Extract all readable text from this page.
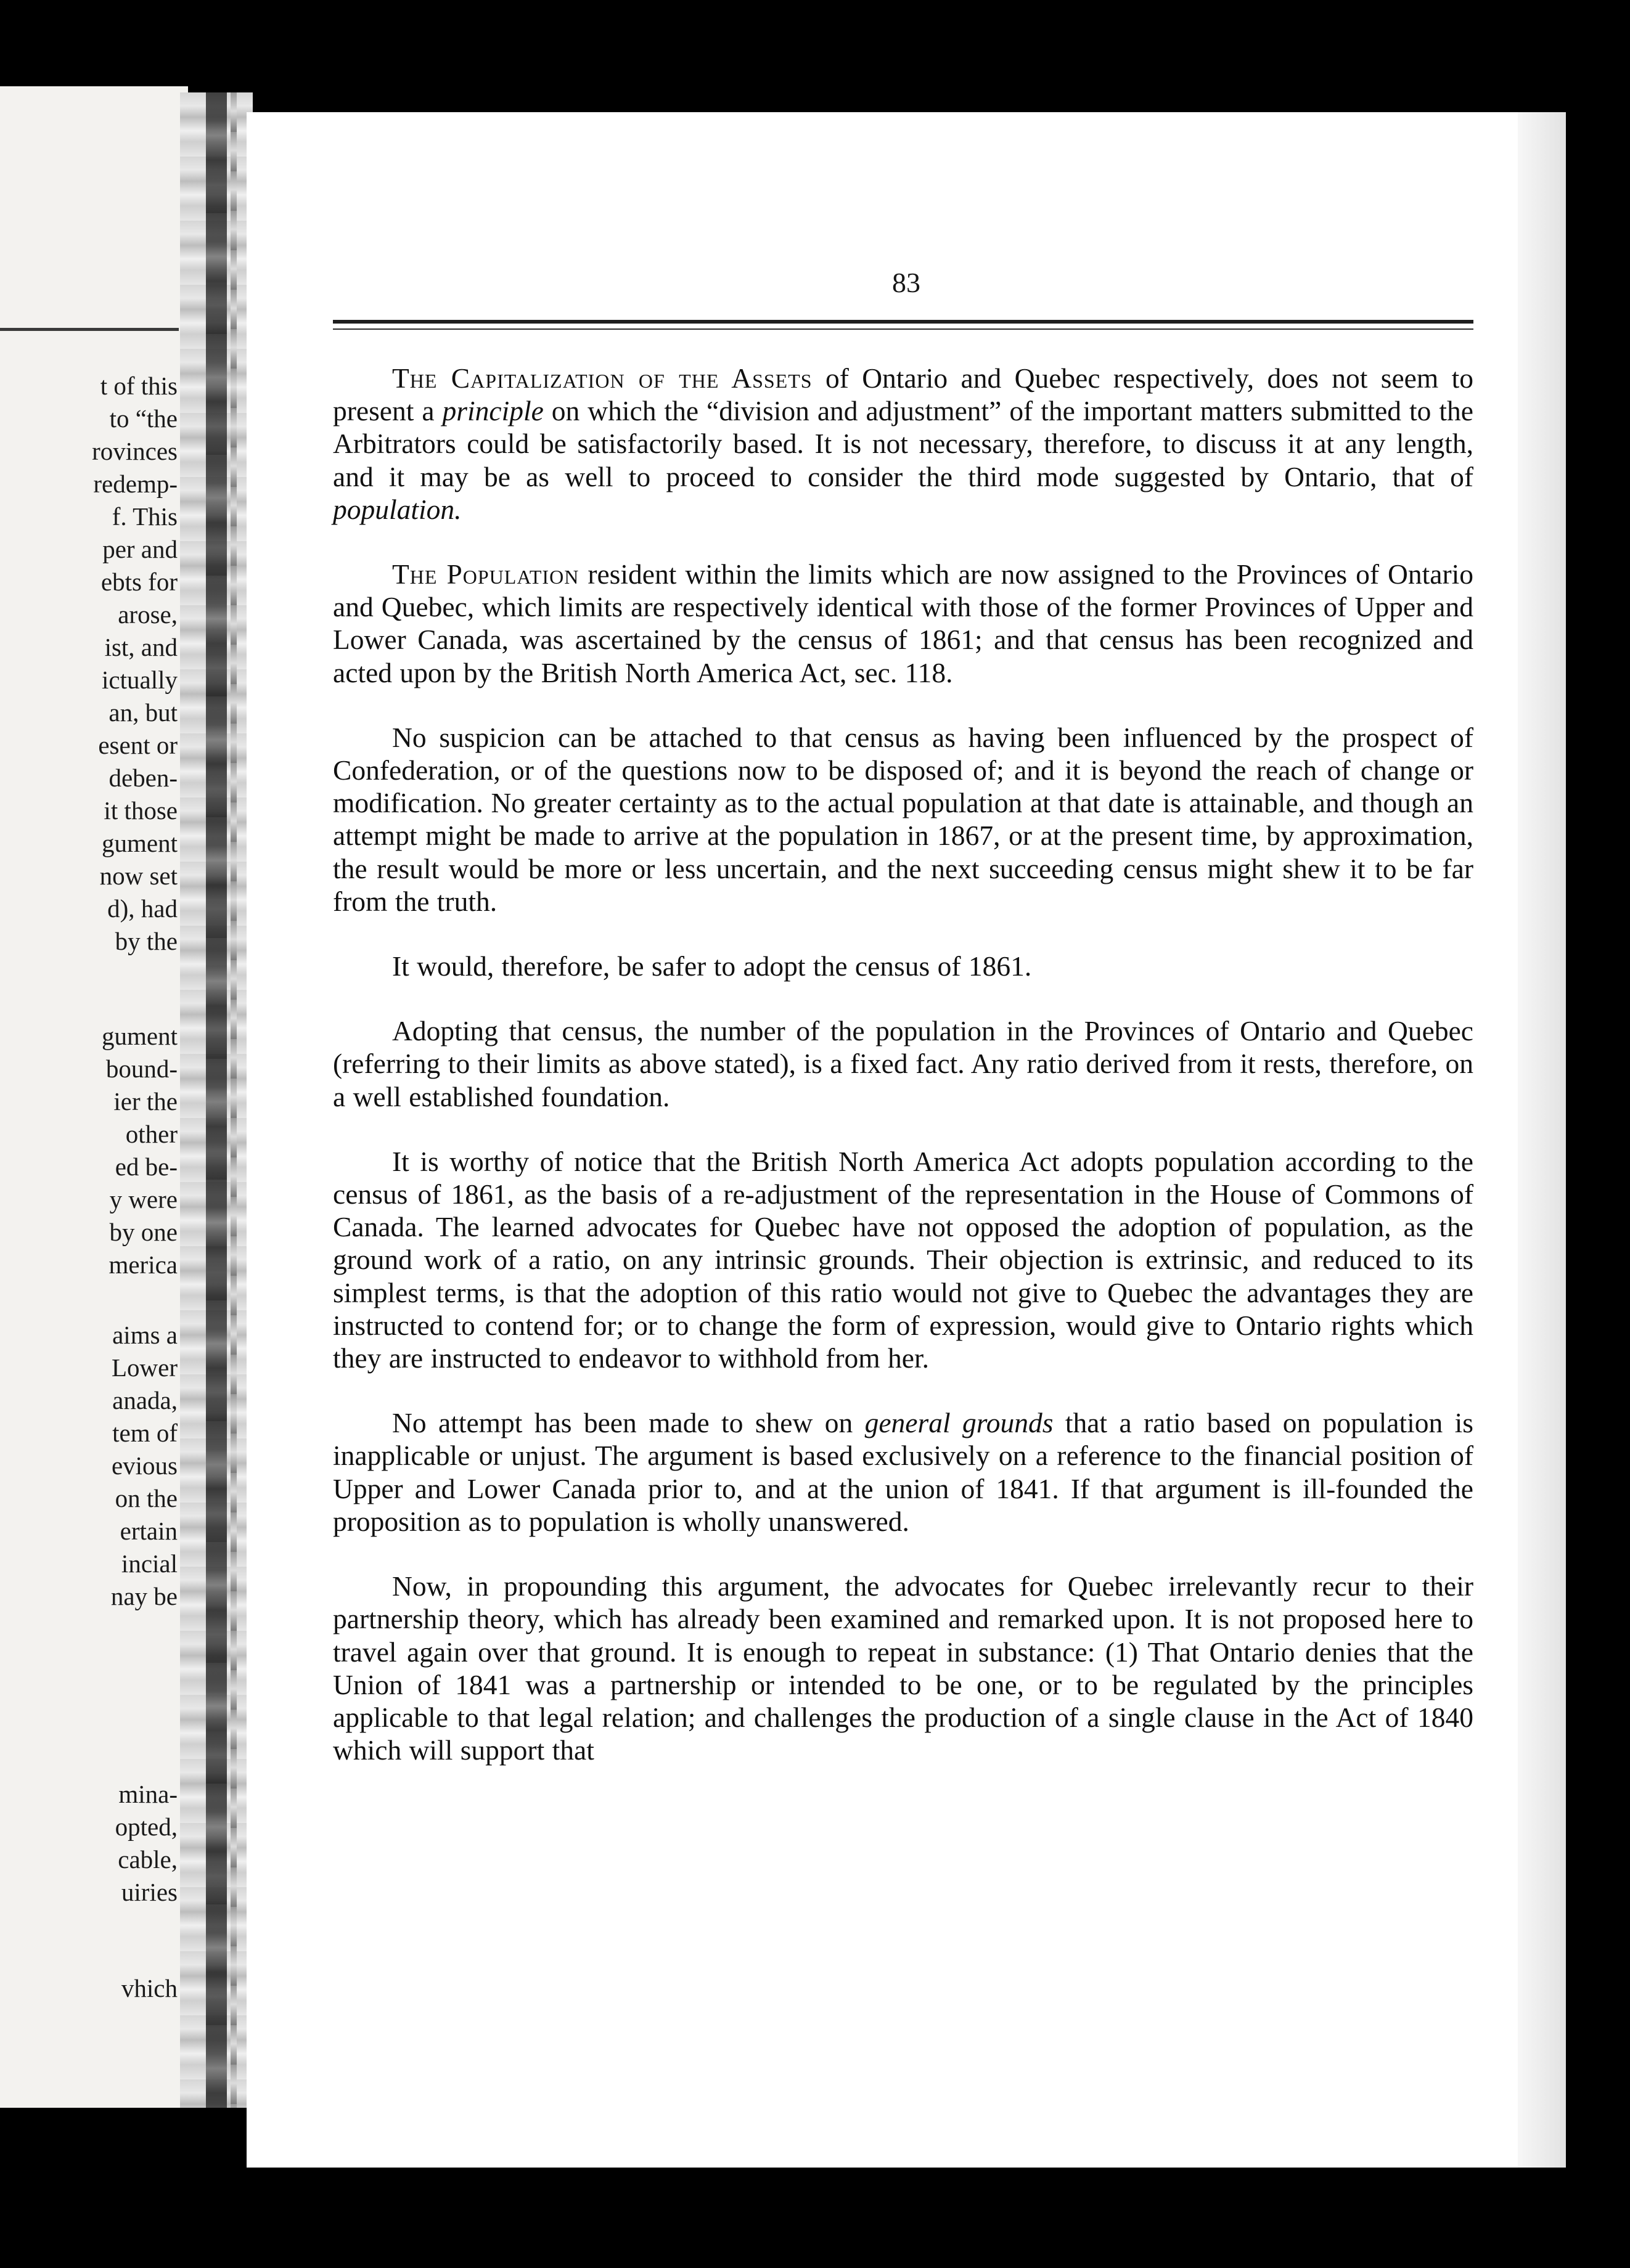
t of this
to “the
rovinces
redemp-
f. This
per and
ebts for
arose,
ist, and
ictually
an, but
esent or
deben-
it those
gument
now set
d), had
by the
gument
bound-
ier the
other
ed be-
y were
by one
merica
aims a
Lower
anada,
tem of
evious
on the
ertain
incial
nay be
mina-
opted,
cable,
uiries
vhich
83

The Capitalization of the Assets of Ontario and Quebec respectively, does not seem to present a principle on which the “division and adjustment” of the important matters submitted to the Arbitrators could be satisfactorily based. It is not necessary, therefore, to discuss it at any length, and it may be as well to proceed to consider the third mode suggested by Ontario, that of population.

The Population resident within the limits which are now assigned to the Provinces of Ontario and Quebec, which limits are respectively identical with those of the former Provinces of Upper and Lower Canada, was ascertained by the census of 1861; and that census has been recognized and acted upon by the British North America Act, sec. 118.

No suspicion can be attached to that census as having been influenced by the prospect of Confederation, or of the questions now to be disposed of; and it is beyond the reach of change or modification. No greater certainty as to the actual population at that date is attainable, and though an attempt might be made to arrive at the population in 1867, or at the present time, by approximation, the result would be more or less uncertain, and the next succeeding census might shew it to be far from the truth.

It would, therefore, be safer to adopt the census of 1861.

Adopting that census, the number of the population in the Provinces of Ontario and Quebec (referring to their limits as above stated), is a fixed fact. Any ratio derived from it rests, therefore, on a well established foundation.

It is worthy of notice that the British North America Act adopts population according to the census of 1861, as the basis of a re-adjustment of the representation in the House of Commons of Canada. The learned advocates for Quebec have not opposed the adoption of population, as the ground work of a ratio, on any intrinsic grounds. Their objection is extrinsic, and reduced to its simplest terms, is that the adoption of this ratio would not give to Quebec the advantages they are instructed to contend for; or to change the form of expression, would give to Ontario rights which they are instructed to endeavor to withhold from her.

No attempt has been made to shew on general grounds that a ratio based on population is inapplicable or unjust. The argument is based exclusively on a reference to the financial position of Upper and Lower Canada prior to, and at the union of 1841. If that argument is ill-founded the proposition as to population is wholly unanswered.

Now, in propounding this argument, the advocates for Quebec irrelevantly recur to their partnership theory, which has already been examined and remarked upon. It is not proposed here to travel again over that ground. It is enough to repeat in substance: (1) That Ontario denies that the Union of 1841 was a partnership or intended to be one, or to be regulated by the principles applicable to that legal relation; and challenges the production of a single clause in the Act of 1840 which will support that
